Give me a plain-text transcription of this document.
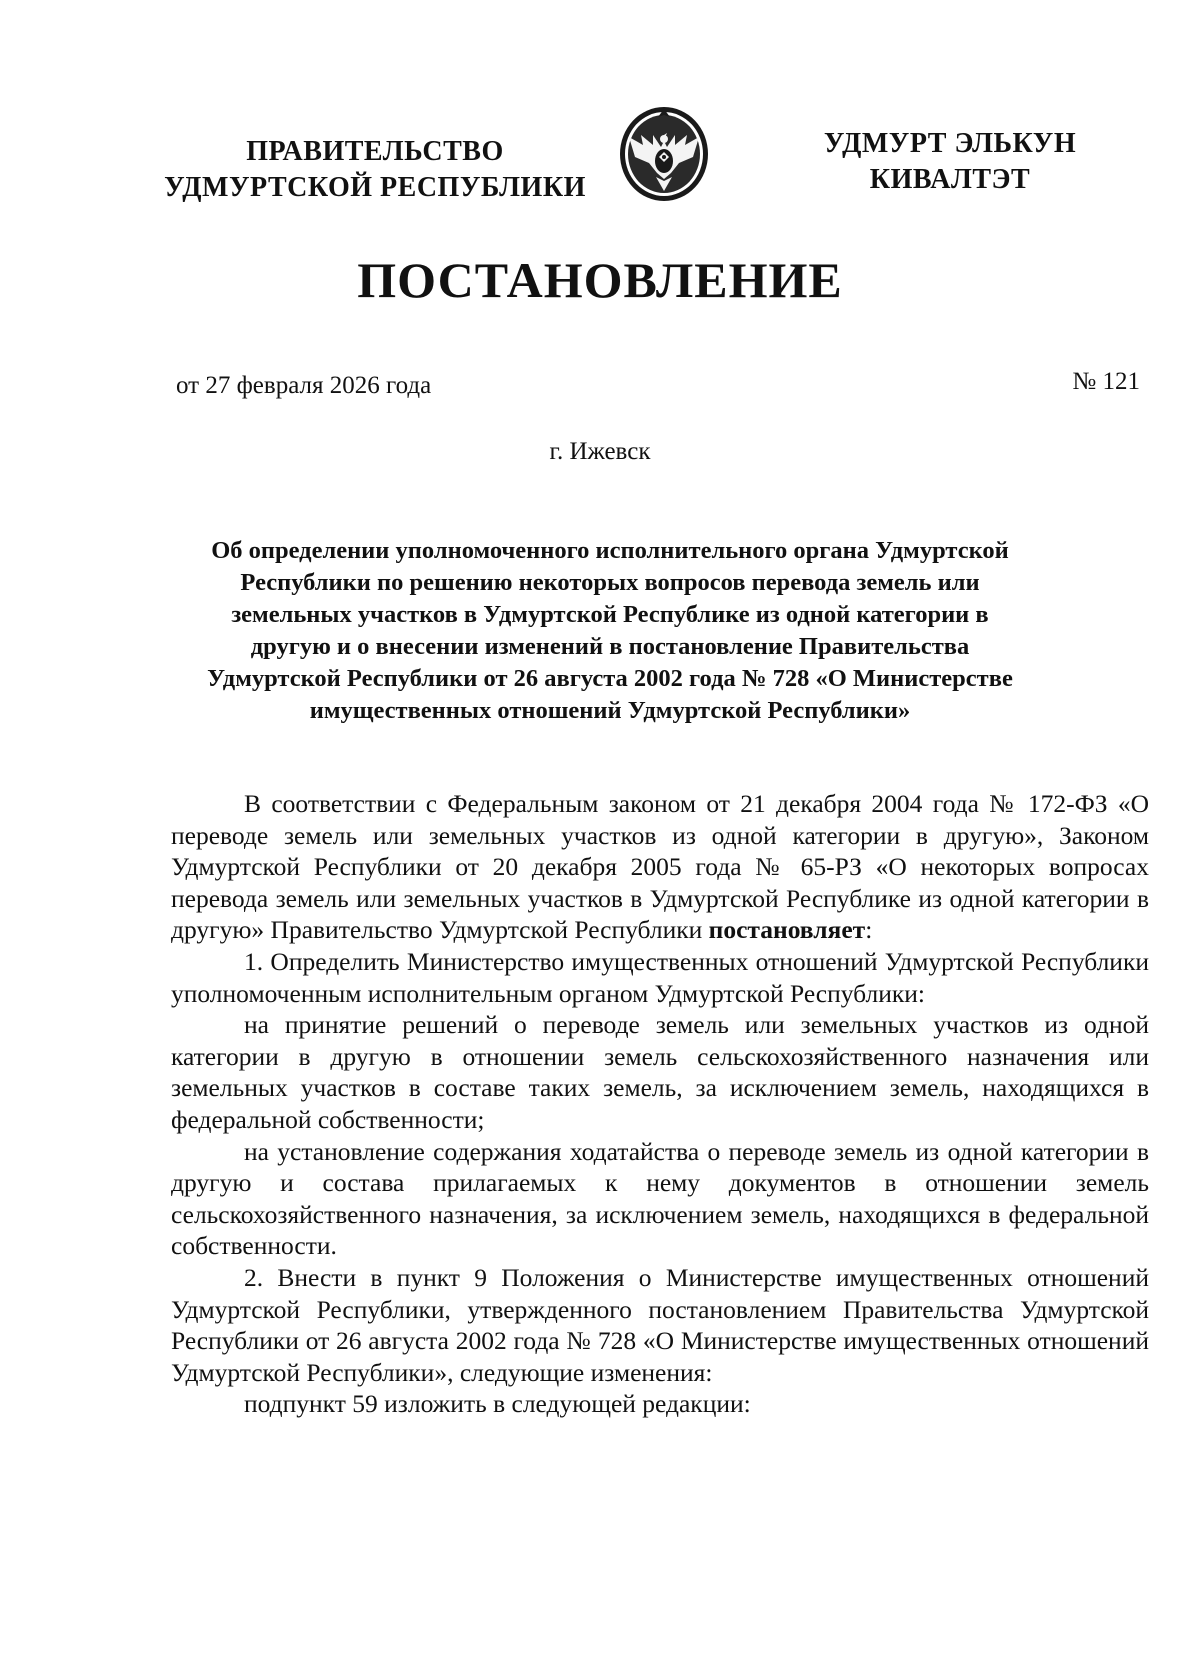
ПРАВИТЕЛЬСТВО
УДМУРТСКОЙ РЕСПУБЛИКИ
УДМУРТ ЭЛЬКУН
КИВАЛТЭТ
ПОСТАНОВЛЕНИЕ
от 27 февраля 2026 года	№ 121
г. Ижевск
Об определении уполномоченного исполнительного органа Удмуртской
Республики по решению некоторых вопросов перевода земель или
земельных участков в Удмуртской Республике из одной категории в
другую и о внесении изменений в постановление Правительства
Удмуртской Республики от 26 августа 2002 года № 728 «О Министерстве
имущественных отношений Удмуртской Республики»

В соответствии с Федеральным законом от 21 декабря 2004 года № 172-ФЗ «О переводе земель или земельных участков из одной категории в другую», Законом Удмуртской Республики от 20 декабря 2005 года № 65-РЗ «О некоторых вопросах перевода земель или земельных участков в Удмуртской Республике из одной категории в другую» Правительство Удмуртской Республики постановляет:

1. Определить Министерство имущественных отношений Удмуртской Республики уполномоченным исполнительным органом Удмуртской Республики:

на принятие решений о переводе земель или земельных участков из одной категории в другую в отношении земель сельскохозяйственного назначения или земельных участков в составе таких земель, за исключением земель, находящихся в федеральной собственности;

на установление содержания ходатайства о переводе земель из одной категории в другую и состава прилагаемых к нему документов в отношении земель сельскохозяйственного назначения, за исключением земель, находящихся в федеральной собственности.

2. Внести в пункт 9 Положения о Министерстве имущественных отношений Удмуртской Республики, утвержденного постановлением Правительства Удмуртской Республики от 26 августа 2002 года № 728 «О Министерстве имущественных отношений Удмуртской Республики», следующие изменения:

подпункт 59 изложить в следующей редакции:
